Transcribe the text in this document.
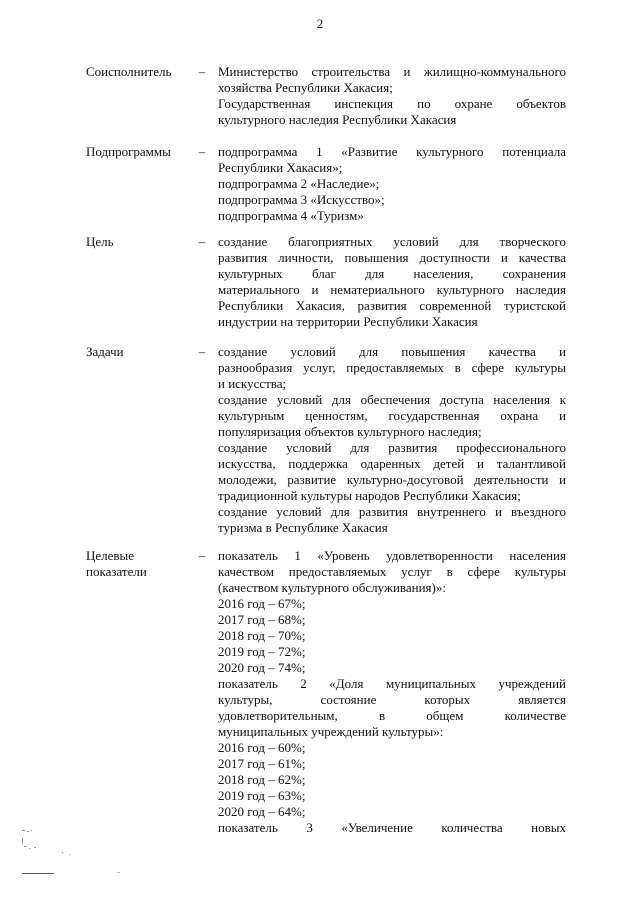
2
Соисполнитель	– Министерство строительства и жилищно-коммунального
хозяйства Республики Хакасия;
Государственная инспекция по охране объектов
культурного наследия Республики Хакасия
Подпрограммы	– подпрограмма 1 «Развитие культурного потенциала
Республики Хакасия»;
подпрограмма 2 «Наследие»;
подпрограмма 3 «Искусство»;
подпрограмма 4 «Туризм»
Цель	– создание благоприятных условий для творческого
развития личности, повышения доступности и качества
культурных благ для населения, сохранения
материального и нематериального культурного наследия
Республики Хакасия, развития современной туристской
индустрии на территории Республики Хакасия
Задачи	– создание условий для повышения качества и
разнообразия услуг, предоставляемых в сфере культуры
и искусства;
создание условий для обеспечения доступа населения к
культурным ценностям, государственная охрана и
популяризация объектов культурного наследия;
создание условий для развития профессионального
искусства, поддержка одаренных детей и талантливой
молодежи, развитие культурно-досуговой деятельности и
традиционной культуры народов Республики Хакасия;
создание условий для развития внутреннего и въездного
туризма в Республике Хакасия
Целевые
показатели
– показатель 1 «Уровень удовлетворенности населения
качеством предоставляемых услуг в сфере культуры
(качеством культурного обслуживания)»:
2016 год – 67%;
2017 год – 68%;
2018 год – 70%;
2019 год – 72%;
2020 год – 74%;
показатель 2 «Доля муниципальных учреждений
культуры, состояние которых является
удовлетворительным, в общем количестве
муниципальных учреждений культуры»:
2016 год – 60%;
2017 год – 61%;
2018 год – 62%;
2019 год – 63%;
2020 год – 64%;
показатель 3 «Увеличение количества новых
